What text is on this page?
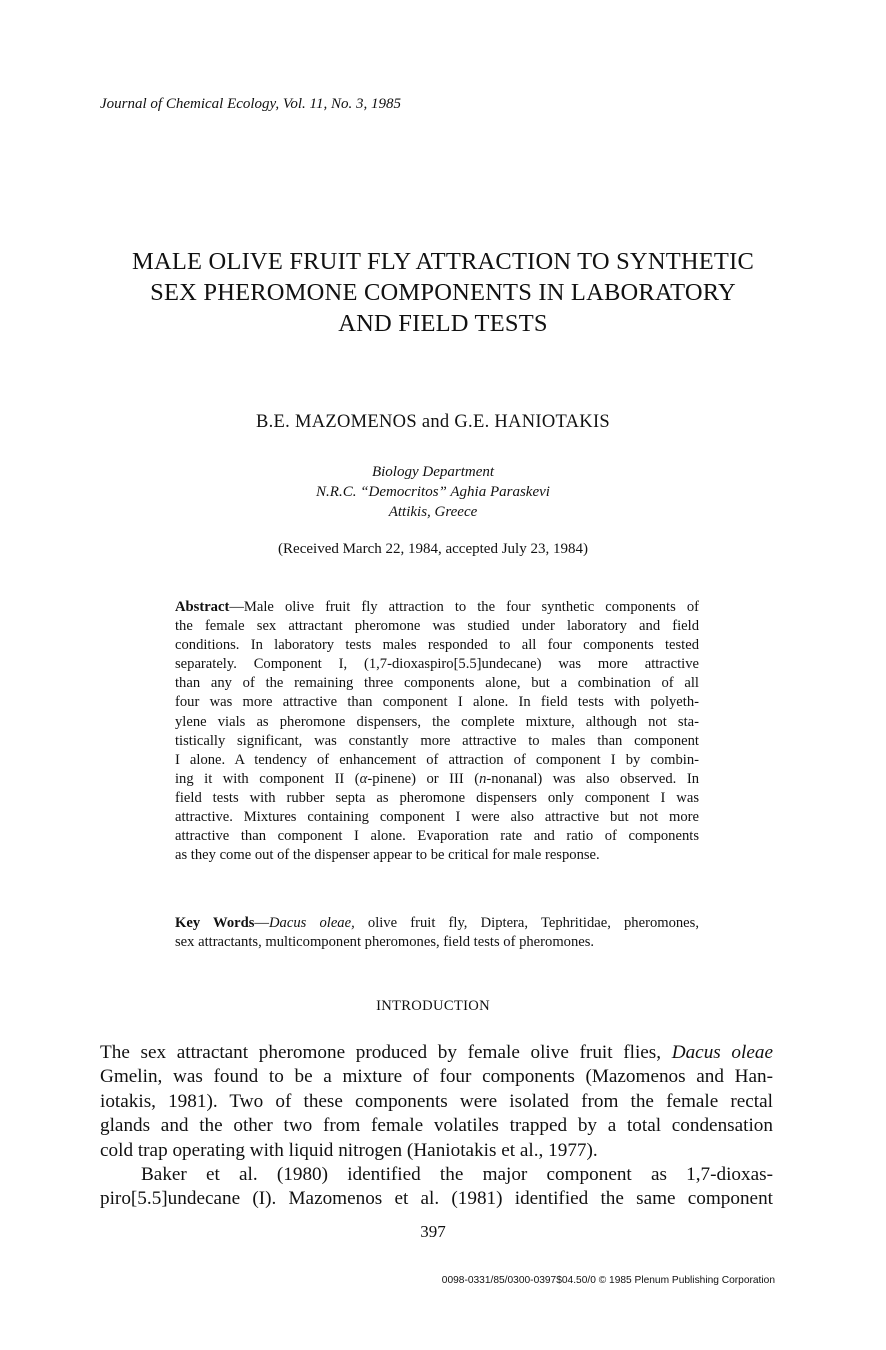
Journal of Chemical Ecology, Vol. 11, No. 3, 1985
MALE OLIVE FRUIT FLY ATTRACTION TO SYNTHETIC
SEX PHEROMONE COMPONENTS IN LABORATORY
AND FIELD TESTS
B.E. MAZOMENOS and G.E. HANIOTAKIS
Biology Department
N.R.C. “Democritos” Aghia Paraskevi
Attikis, Greece
(Received March 22, 1984, accepted July 23, 1984)
Abstract—Male olive fruit fly attraction to the four synthetic components of
the female sex attractant pheromone was studied under laboratory and field
conditions. In laboratory tests males responded to all four components tested
separately. Component I, (1,7-dioxaspiro[5.5]undecane) was more attractive
than any of the remaining three components alone, but a combination of all
four was more attractive than component I alone. In field tests with polyeth-
ylene vials as pheromone dispensers, the complete mixture, although not sta-
tistically significant, was constantly more attractive to males than component
I alone. A tendency of enhancement of attraction of component I by combin-
ing it with component II (α-pinene) or III (n-nonanal) was also observed. In
field tests with rubber septa as pheromone dispensers only component I was
attractive. Mixtures containing component I were also attractive but not more
attractive than component I alone. Evaporation rate and ratio of components
as they come out of the dispenser appear to be critical for male response.
Key Words—Dacus oleae, olive fruit fly, Diptera, Tephritidae, pheromones,
sex attractants, multicomponent pheromones, field tests of pheromones.
INTRODUCTION
The sex attractant pheromone produced by female olive fruit flies, Dacus oleae
Gmelin, was found to be a mixture of four components (Mazomenos and Han-
iotakis, 1981). Two of these components were isolated from the female rectal
glands and the other two from female volatiles trapped by a total condensation
cold trap operating with liquid nitrogen (Haniotakis et al., 1977).
Baker et al. (1980) identified the major component as 1,7-dioxas-
piro[5.5]undecane (I). Mazomenos et al. (1981) identified the same component
397
0098-0331/85/0300-0397$04.50/0 © 1985 Plenum Publishing Corporation
